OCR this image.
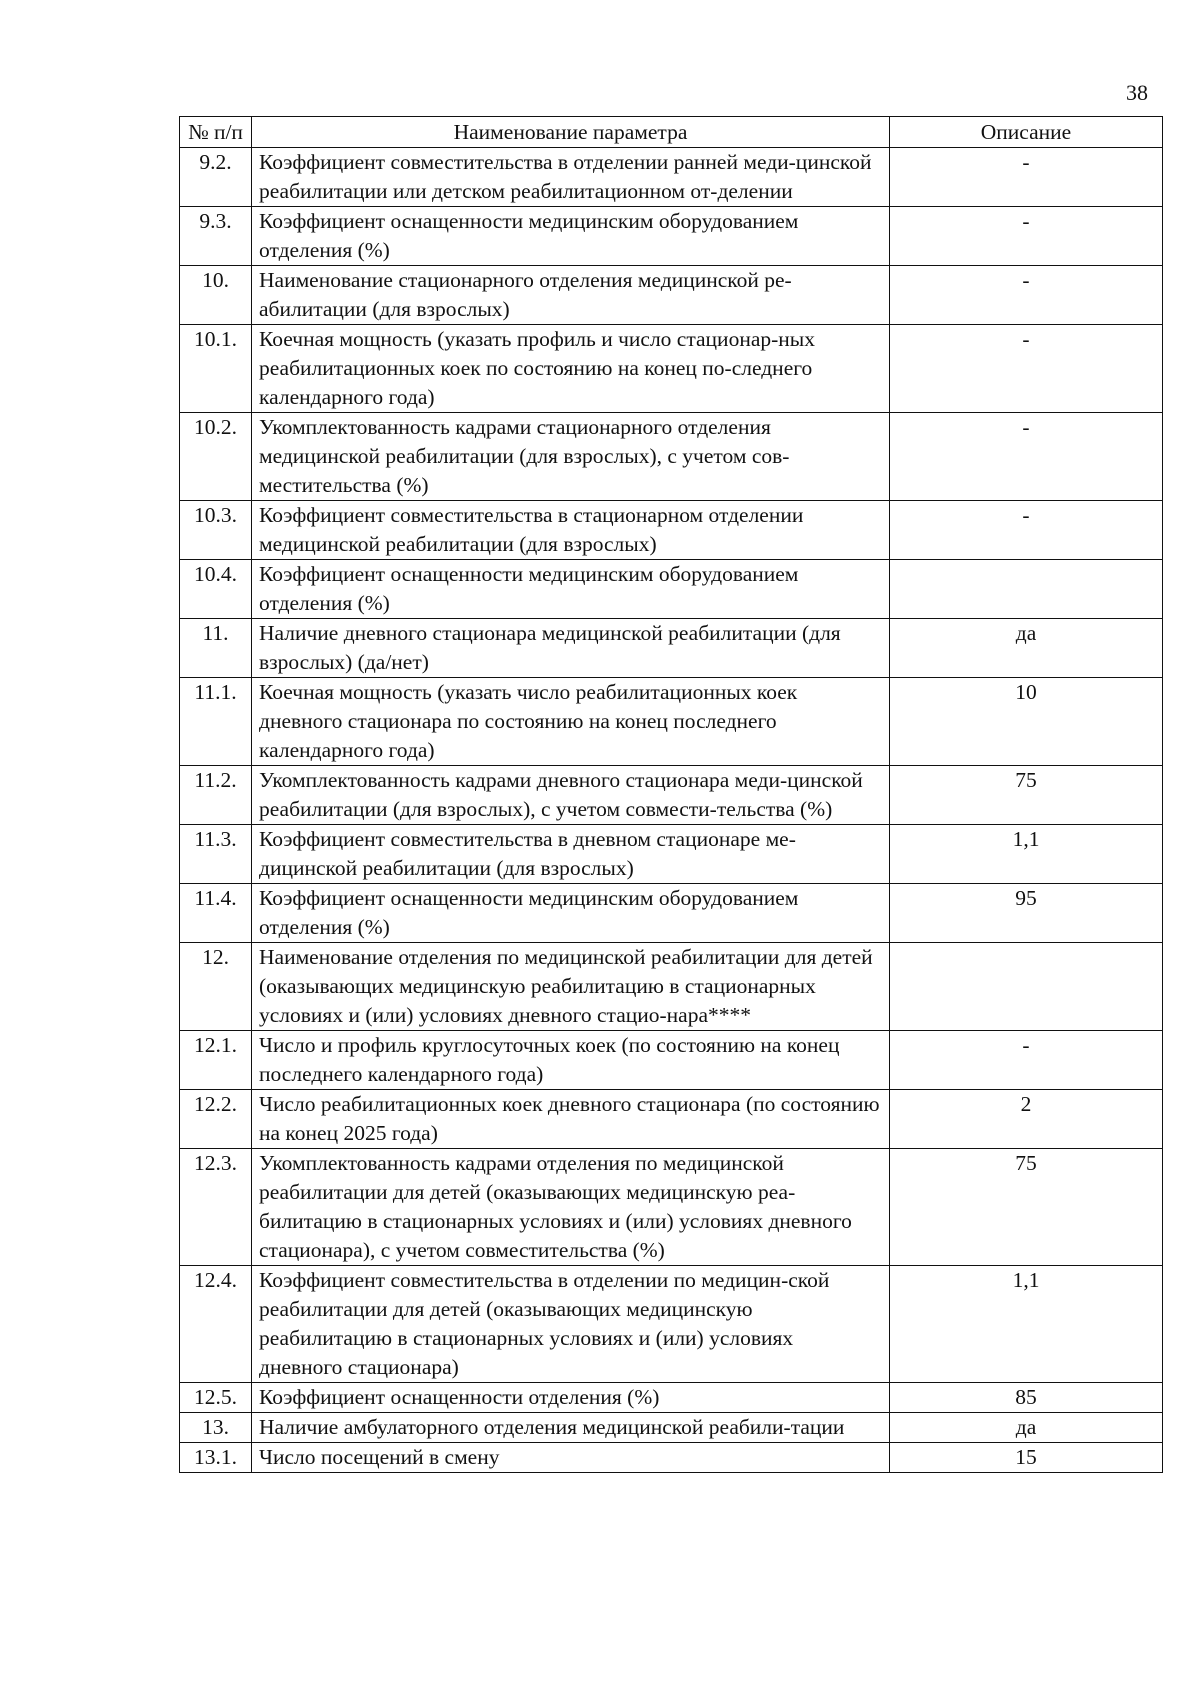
38
№ п/п	Наименование параметра	Описание
9.2.	Коэффициент совместительства в отделении ранней меди-цинской реабилитации или детском реабилитационном от-делении	-
9.3.	Коэффициент оснащенности медицинским оборудованием отделения (%)	-
10.	Наименование стационарного отделения медицинской ре-абилитации (для взрослых)	-
10.1.	Коечная мощность (указать профиль и число стационар-ных реабилитационных коек по состоянию на конец по-следнего календарного года)	-
10.2.	Укомплектованность кадрами стационарного отделения медицинской реабилитации (для взрослых), с учетом сов-местительства (%)	-
10.3.	Коэффициент совместительства в стационарном отделении медицинской реабилитации (для взрослых)	-
10.4.	Коэффициент оснащенности медицинским оборудованием отделения (%)	
11.	Наличие дневного стационара медицинской реабилитации (для взрослых) (да/нет)	да
11.1.	Коечная мощность (указать число реабилитационных коек дневного стационара по состоянию на конец последнего календарного года)	10
11.2.	Укомплектованность кадрами дневного стационара меди-цинской реабилитации (для взрослых), с учетом совмести-тельства (%)	75
11.3.	Коэффициент совместительства в дневном стационаре ме-дицинской реабилитации (для взрослых)	1,1
11.4.	Коэффициент оснащенности медицинским оборудованием отделения (%)	95
12.	Наименование отделения по медицинской реабилитации для детей (оказывающих медицинскую реабилитацию в стационарных условиях и (или) условиях дневного стацио-нара****	
12.1.	Число и профиль круглосуточных коек (по состоянию на конец последнего календарного года)	-
12.2.	Число реабилитационных коек дневного стационара (по состоянию на конец 2025 года)	2
12.3.	Укомплектованность кадрами отделения по медицинской реабилитации для детей (оказывающих медицинскую реа-билитацию в стационарных условиях и (или) условиях дневного стационара), с учетом совместительства (%)	75
12.4.	Коэффициент совместительства в отделении по медицин-ской реабилитации для детей (оказывающих медицинскую реабилитацию в стационарных условиях и (или) условиях дневного стационара)	1,1
12.5.	Коэффициент оснащенности отделения (%)	85
13.	Наличие амбулаторного отделения медицинской реабили-тации	да
13.1.	Число посещений в смену	15
